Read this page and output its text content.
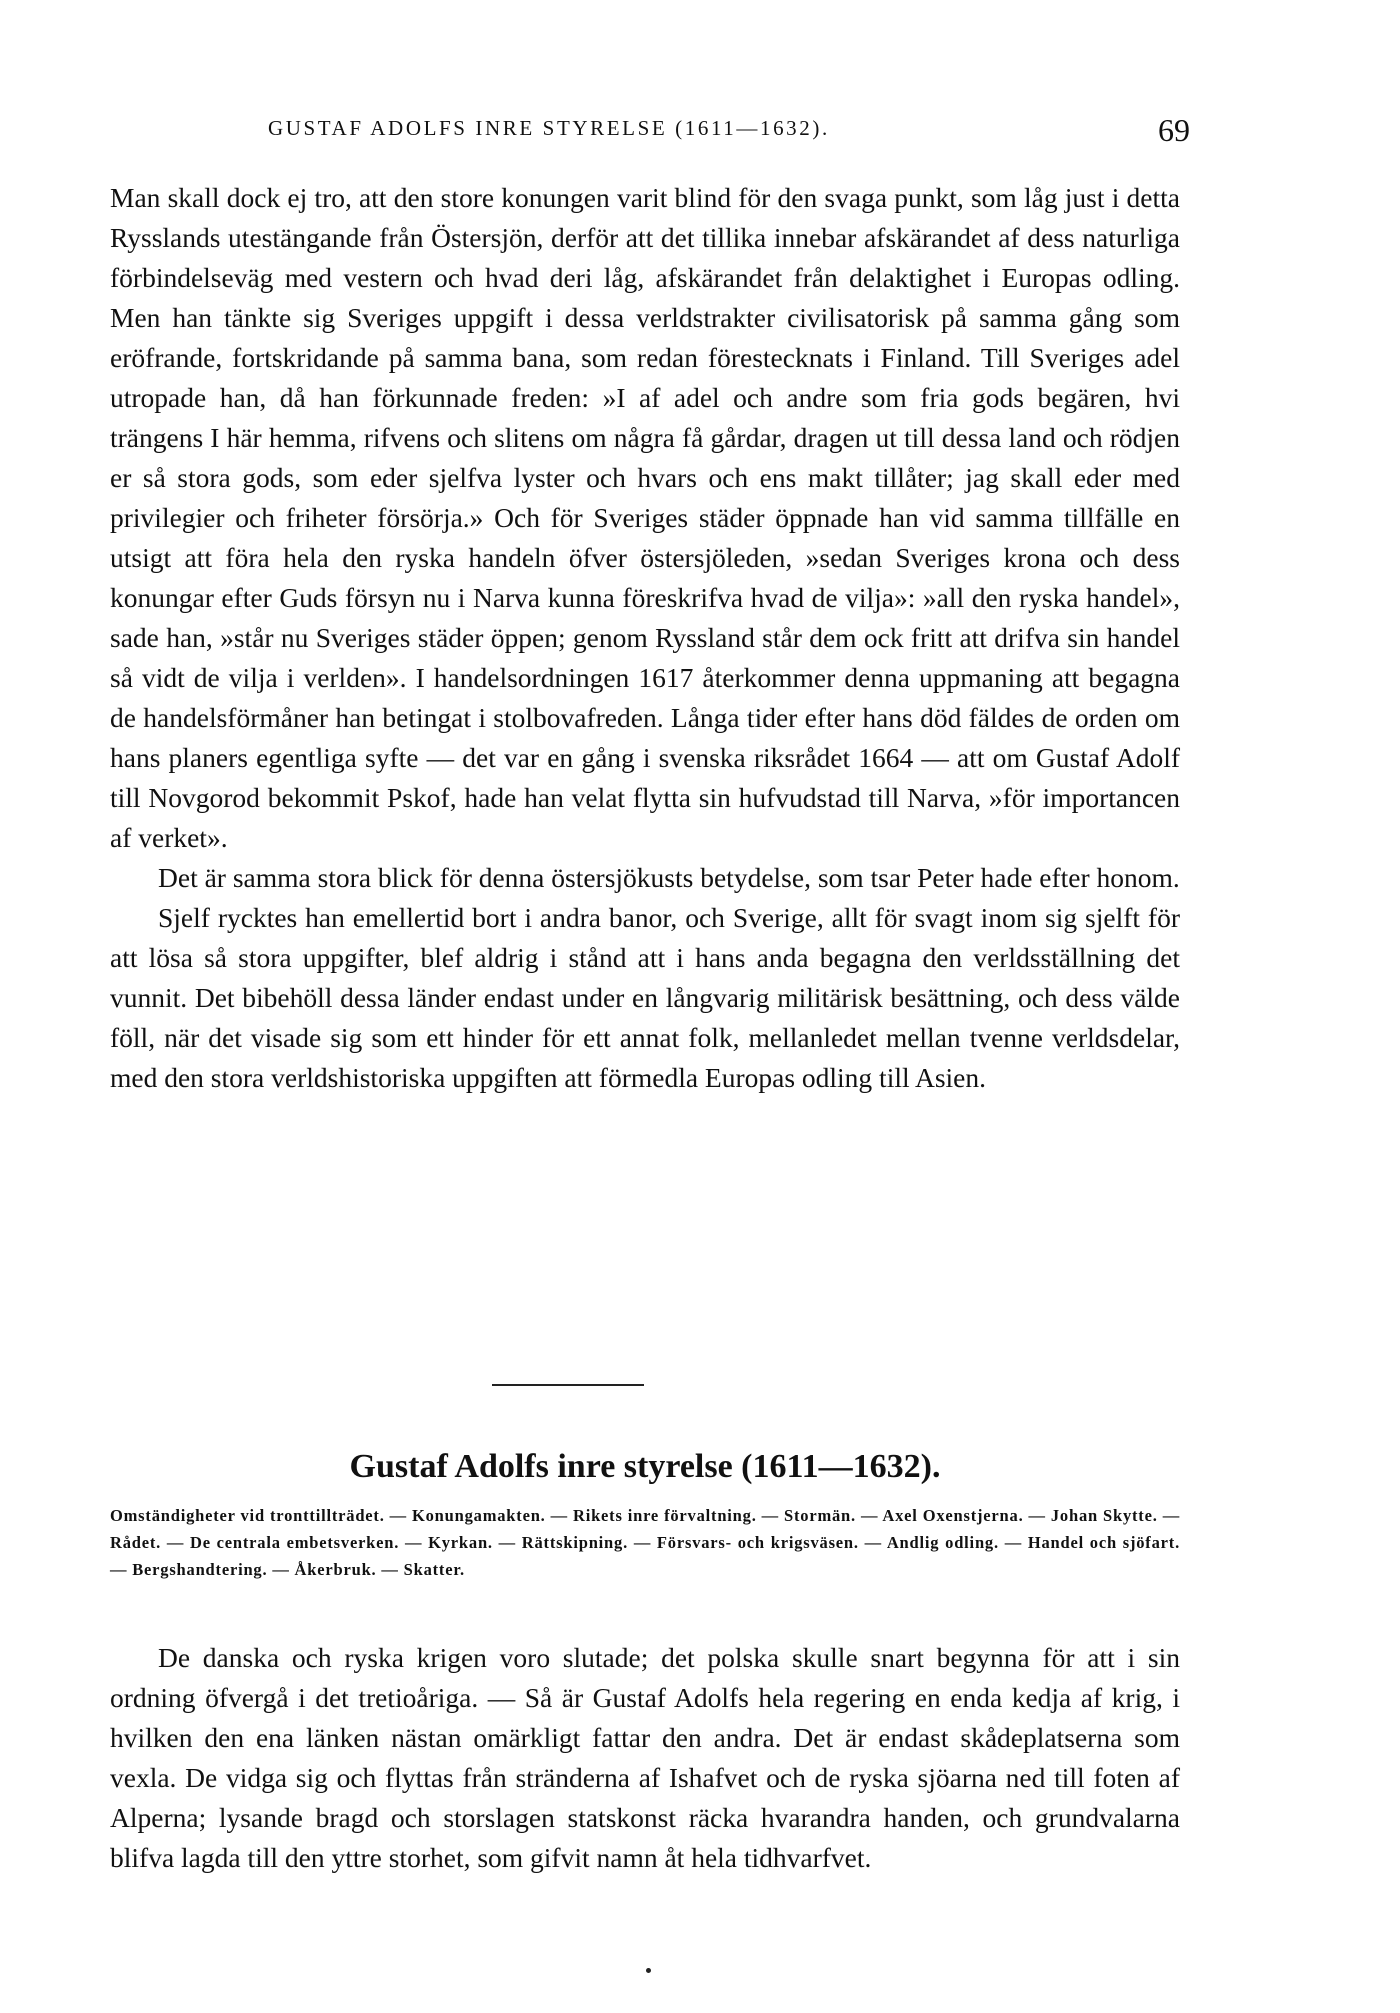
GUSTAF ADOLFS INRE STYRELSE (1611—1632).	69

Man skall dock ej tro, att den store konungen varit blind för den svaga punkt, som låg just i detta Rysslands utestängande från Östersjön, derför att det tillika innebar afskärandet af dess naturliga förbindelseväg med vestern och hvad deri låg, afskärandet från delaktighet i Europas odling. Men han tänkte sig Sveriges uppgift i dessa verldstrakter civilisatorisk på samma gång som eröfrande, fortskridande på samma bana, som redan förestecknats i Finland. Till Sveriges adel utropade han, då han förkunnade freden: »I af adel och andre som fria gods begären, hvi trängens I här hemma, rifvens och slitens om några få gårdar, dragen ut till dessa land och rödjen er så stora gods, som eder sjelfva lyster och hvars och ens makt tillåter; jag skall eder med privilegier och friheter försörja.» Och för Sveriges städer öppnade han vid samma tillfälle en utsigt att föra hela den ryska handeln öfver östersjöleden, »sedan Sveriges krona och dess konungar efter Guds försyn nu i Narva kunna föreskrifva hvad de vilja»: »all den ryska handel», sade han, »står nu Sveriges städer öppen; genom Ryssland står dem ock fritt att drifva sin handel så vidt de vilja i verlden». I handelsordningen 1617 återkommer denna uppmaning att begagna de handelsförmåner han betingat i stolbovafreden. Långa tider efter hans död fäldes de orden om hans planers egentliga syfte — det var en gång i svenska riksrådet 1664 — att om Gustaf Adolf till Novgorod bekommit Pskof, hade han velat flytta sin hufvudstad till Narva, »för importancen af verket».

Det är samma stora blick för denna östersjökusts betydelse, som tsar Peter hade efter honom.

Sjelf rycktes han emellertid bort i andra banor, och Sverige, allt för svagt inom sig sjelft för att lösa så stora uppgifter, blef aldrig i stånd att i hans anda begagna den verldsställning det vunnit. Det bibehöll dessa länder endast under en långvarig militärisk besättning, och dess välde föll, när det visade sig som ett hinder för ett annat folk, mellanledet mellan tvenne verldsdelar, med den stora verldshistoriska uppgiften att förmedla Europas odling till Asien.

Gustaf Adolfs inre styrelse (1611—1632).
Omständigheter vid tronttillträdet. — Konungamakten. — Rikets inre förvaltning. — Stormän. — Axel Oxenstjerna. — Johan Skytte. — Rådet. — De centrala embetsverken. — Kyrkan. — Rättskipning. — Försvars- och krigsväsen. — Andlig odling. — Handel och sjöfart. — Bergshandtering. — Åkerbruk. — Skatter.

De danska och ryska krigen voro slutade; det polska skulle snart begynna för att i sin ordning öfvergå i det tretioåriga. — Så är Gustaf Adolfs hela regering en enda kedja af krig, i hvilken den ena länken nästan omärkligt fattar den andra. Det är endast skådeplatserna som vexla. De vidga sig och flyttas från stränderna af Ishafvet och de ryska sjöarna ned till foten af Alperna; lysande bragd och storslagen statskonst räcka hvarandra handen, och grundvalarna blifva lagda till den yttre storhet, som gifvit namn åt hela tidhvarfvet.
